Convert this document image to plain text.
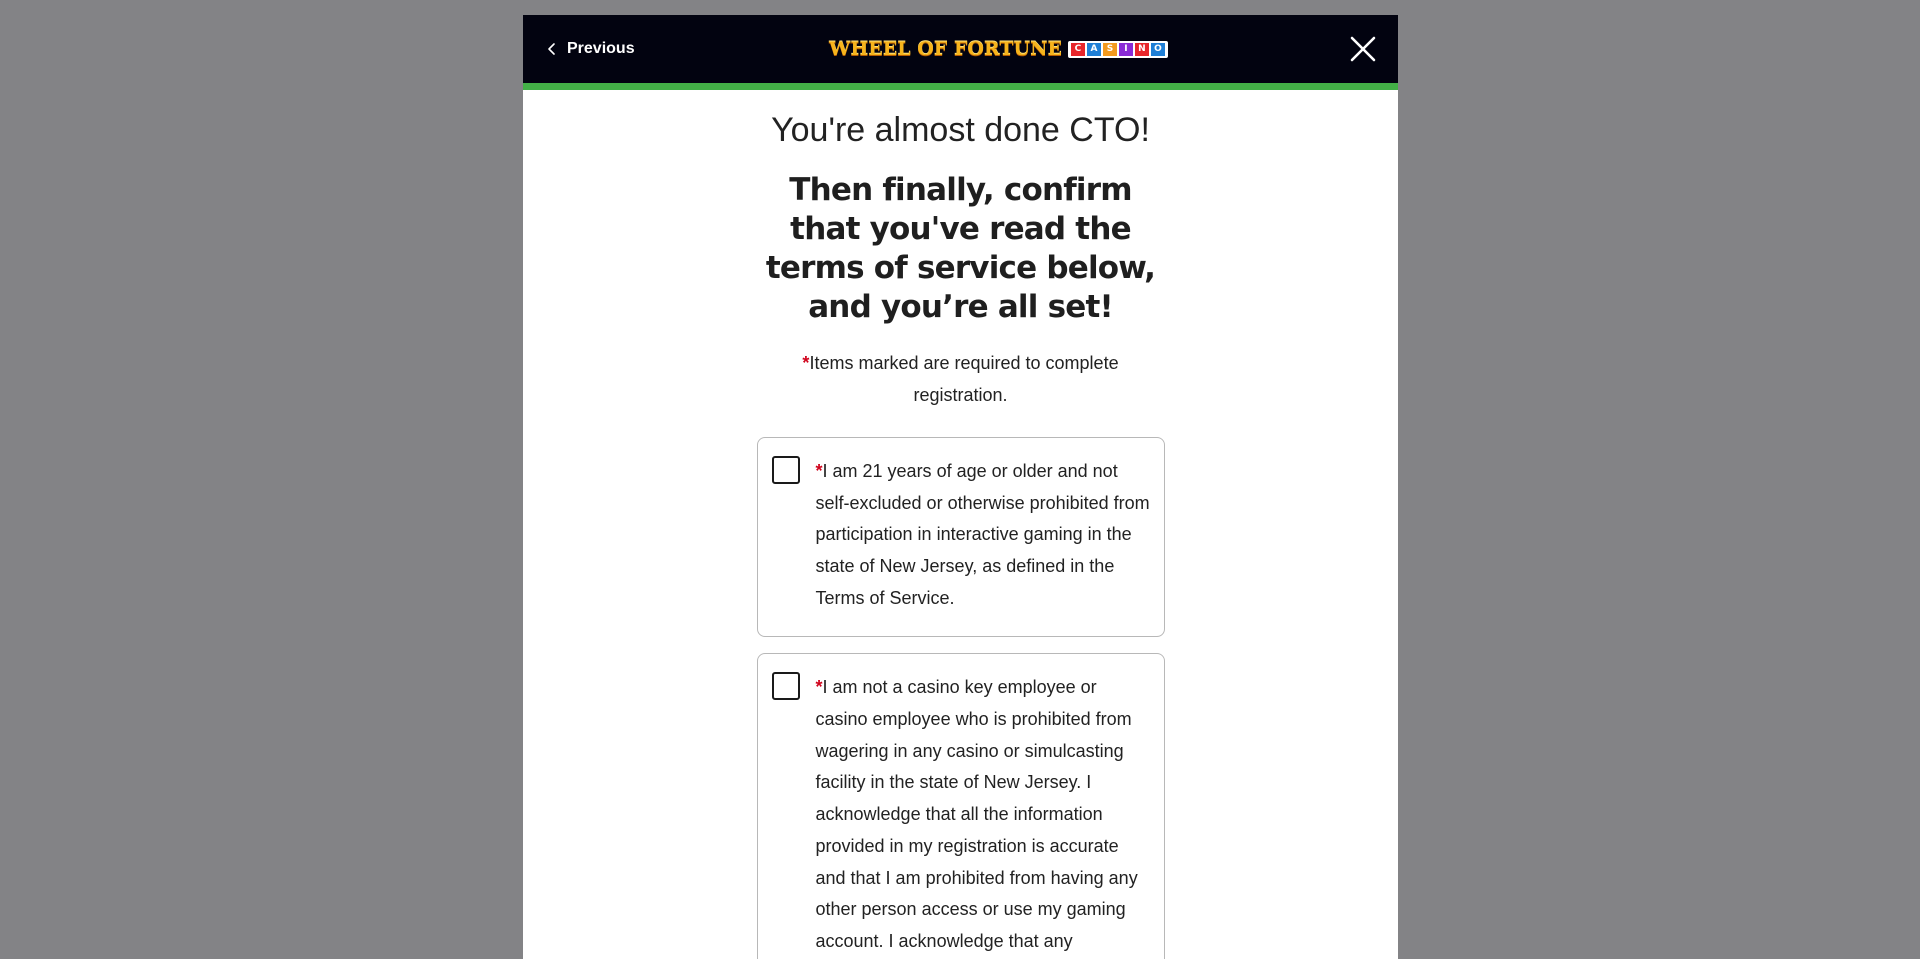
Previous	WHEEL OF FORTUNE	C	A	S	I	N O
You're almost done CTO!
Then finally, confirm that you've read the terms of service below, and you’re all set!

*Items marked are required to complete registration.

*I am 21 years of age or older and not self-excluded or otherwise prohibited from participation in interactive gaming in the state of New Jersey, as defined in the Terms of Service.

*I am not a casino key employee or casino employee who is prohibited from wagering in any casino or simulcasting facility in the state of New Jersey. I acknowledge that all the information provided in my registration is accurate and that I am prohibited from having any other person access or use my gaming account. I acknowledge that any
